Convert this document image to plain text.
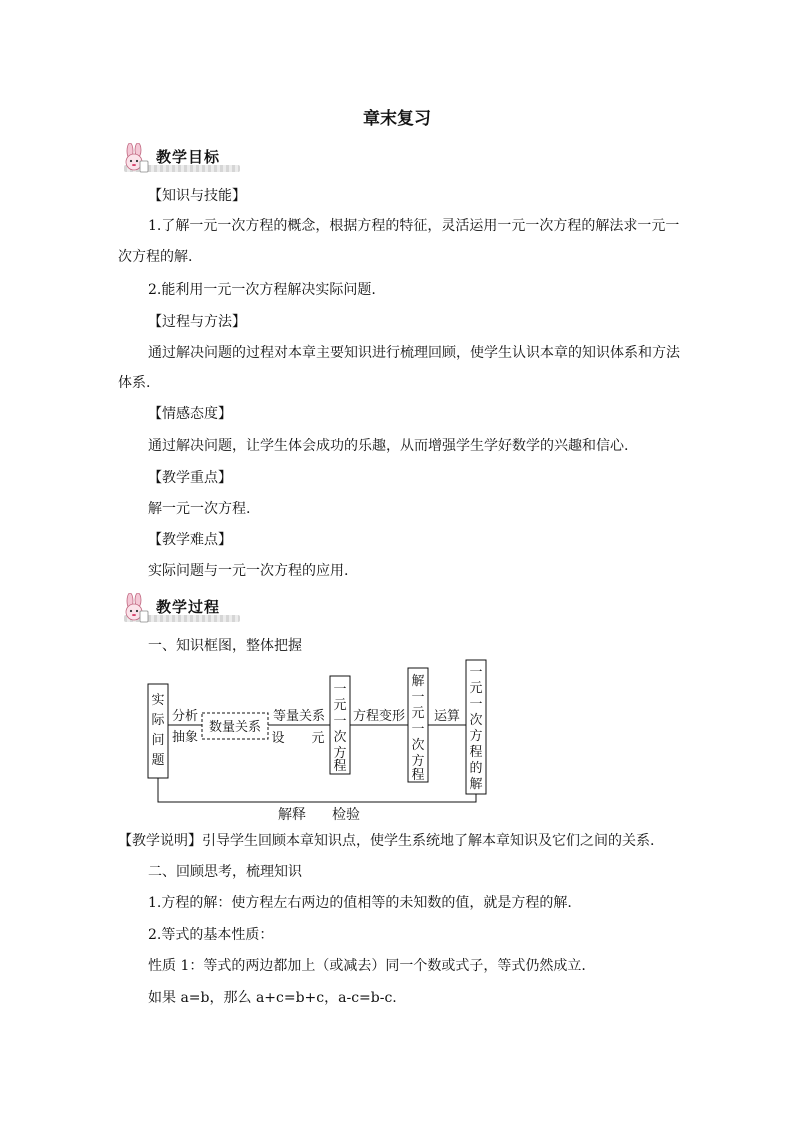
章末复习
教学目标
【知识与技能】
1.了解一元一次方程的概念，根据方程的特征，灵活运用一元一次方程的解法求一元一
次方程的解.
2.能利用一元一次方程解决实际问题.
【过程与方法】
通过解决问题的过程对本章主要知识进行梳理回顾，使学生认识本章的知识体系和方法
体系.
【情感态度】
通过解决问题，让学生体会成功的乐趣，从而增强学生学好数学的兴趣和信心.
【教学重点】
解一元一次方程.
【教学难点】
实际问题与一元一次方程的应用.
教学过程
一、知识框图，整体把握
实
际
问
题
分析
抽象
数量关系
等量关系
设 元
一
元
一
次
方
程
方程变形
解
一
元
一
次
方
程
运算
一
元
一
次
方
程
的
解
解释	检验
【教学说明】引导学生回顾本章知识点，使学生系统地了解本章知识及它们之间的关系.
二、回顾思考，梳理知识
1.方程的解：使方程左右两边的值相等的未知数的值，就是方程的解.
2.等式的基本性质：
性质 1：等式的两边都加上（或减去）同一个数或式子，等式仍然成立.
如果 a=b，那么 a+c=b+c，a-c=b-c.
